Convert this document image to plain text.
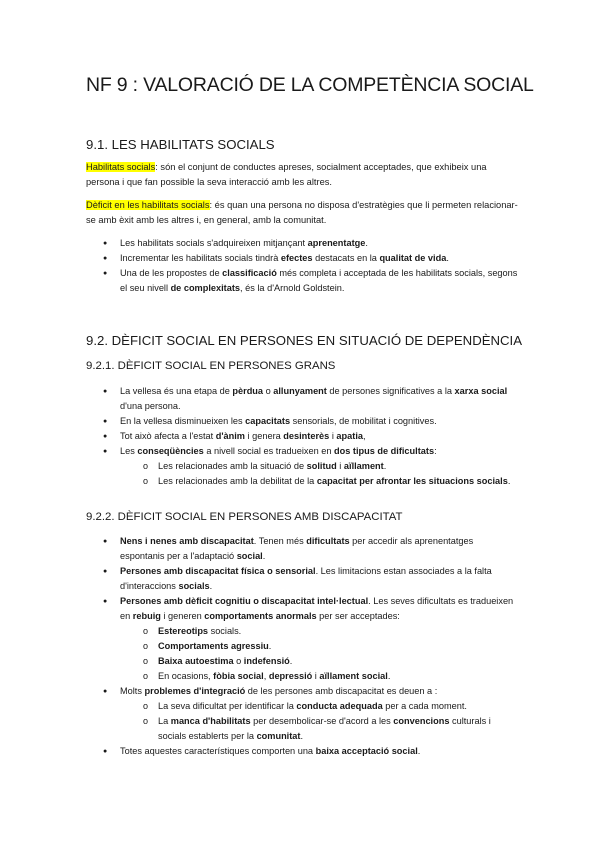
NF 9 : VALORACIÓ DE LA COMPETÈNCIA SOCIAL
9.1. LES HABILITATS SOCIALS

Habilitats socials: són el conjunt de conductes apreses, socialment acceptades, que exhibeix una persona i que fan possible la seva interacció amb les altres.

Dèficit en les habilitats socials: és quan una persona no disposa d'estratègies que li permeten relacionar-se amb èxit amb les altres i, en general, amb la comunitat.

● Les habilitats socials s'adquireixen mitjançant aprenentatge.
● Incrementar les habilitats socials tindrà efectes destacats en la qualitat de vida.
● Una de les propostes de classificació més completa i acceptada de les habilitats socials, segons el seu nivell de complexitats, és la d'Arnold Goldstein.
9.2. DÈFICIT SOCIAL EN PERSONES EN SITUACIÓ DE DEPENDÈNCIA
9.2.1. DÈFICIT SOCIAL EN PERSONES GRANS
● La vellesa és una etapa de pèrdua o allunyament de persones significatives a la xarxa social d'una persona.
● En la vellesa disminueixen les capacitats sensorials, de mobilitat i cognitives.
● Tot això afecta a l'estat d'ànim i genera desinterès i apatia,
● Les conseqüències a nivell social es tradueixen en dos tipus de dificultats:
o Les relacionades amb la situació de solitud i aïllament.
o Les relacionades amb la debilitat de la capacitat per afrontar les situacions socials.
9.2.2. DÈFICIT SOCIAL EN PERSONES AMB DISCAPACITAT
● Nens i nenes amb discapacitat. Tenen més dificultats per accedir als aprenentatges espontanis per a l'adaptació social.
● Persones amb discapacitat física o sensorial. Les limitacions estan associades a la falta d'interaccions socials.
● Persones amb dèficit cognitiu o discapacitat intel·lectual. Les seves dificultats es tradueixen en rebuig i generen comportaments anormals per ser acceptades:
o Estereotips socials.
o Comportaments agressiu.
o Baixa autoestima o indefensió.
o En ocasions, fòbia social, depressió i aïllament social.
● Molts problemes d'integració de les persones amb discapacitat es deuen a :
o La seva dificultat per identificar la conducta adequada per a cada moment.
o La manca d'habilitats per desembolicar-se d'acord a les convencions culturals i socials establerts per la comunitat.
● Totes aquestes característiques comporten una baixa acceptació social.
